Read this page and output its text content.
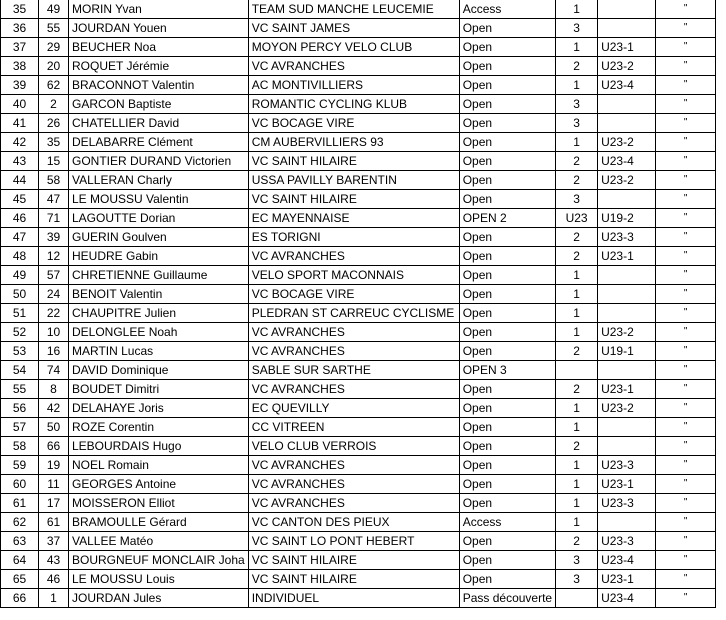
35	49	MORIN Yvan	TEAM SUD MANCHE LEUCEMIE	Access	1		"
36	55	JOURDAN Youen	VC SAINT JAMES	Open	3		"
37	29	BEUCHER Noa	MOYON PERCY VELO CLUB	Open	1	U23-1	"
38	20	ROQUET Jérémie	VC AVRANCHES	Open	2	U23-2	"
39	62	BRACONNOT Valentin	AC MONTIVILLIERS	Open	1	U23-4	"
40	2	GARCON Baptiste	ROMANTIC CYCLING KLUB	Open	3		"
41	26	CHATELLIER David	VC BOCAGE VIRE	Open	3		"
42	35	DELABARRE Clément	CM AUBERVILLIERS 93	Open	1	U23-2	"
43	15	GONTIER DURAND Victorien	VC SAINT HILAIRE	Open	2	U23-4	"
44	58	VALLERAN Charly	USSA PAVILLY BARENTIN	Open	2	U23-2	"
45	47	LE MOUSSU Valentin	VC SAINT HILAIRE	Open	3		"
46	71	LAGOUTTE Dorian	EC MAYENNAISE	OPEN 2	U23	U19-2	"
47	39	GUERIN Goulven	ES TORIGNI	Open	2	U23-3	"
48	12	HEUDRE Gabin	VC AVRANCHES	Open	2	U23-1	"
49	57	CHRETIENNE Guillaume	VELO SPORT MACONNAIS	Open	1		"
50	24	BENOIT Valentin	VC BOCAGE VIRE	Open	1		"
51	22	CHAUPITRE Julien	PLEDRAN ST CARREUC CYCLISME	Open	1		"
52	10	DELONGLEE Noah	VC AVRANCHES	Open	1	U23-2	"
53	16	MARTIN Lucas	VC AVRANCHES	Open	2	U19-1	"
54	74	DAVID Dominique	SABLE SUR SARTHE	OPEN 3			"
55	8	BOUDET Dimitri	VC AVRANCHES	Open	2	U23-1	"
56	42	DELAHAYE Joris	EC QUEVILLY	Open	1	U23-2	"
57	50	ROZE Corentin	CC VITREEN	Open	1		"
58	66	LEBOURDAIS Hugo	VELO CLUB VERROIS	Open	2		"
59	19	NOEL Romain	VC AVRANCHES	Open	1	U23-3	"
60	11	GEORGES Antoine	VC AVRANCHES	Open	1	U23-1	"
61	17	MOISSERON Elliot	VC AVRANCHES	Open	1	U23-3	"
62	61	BRAMOULLE Gérard	VC CANTON DES PIEUX	Access	1		"
63	37	VALLEE Matéo	VC SAINT LO PONT HEBERT	Open	2	U23-3	"
64	43	BOURGNEUF MONCLAIR Joha	VC SAINT HILAIRE	Open	3	U23-4	"
65	46	LE MOUSSU Louis	VC SAINT HILAIRE	Open	3	U23-1	"
66	1	JOURDAN Jules	INDIVIDUEL	Pass découverte		U23-4	"
